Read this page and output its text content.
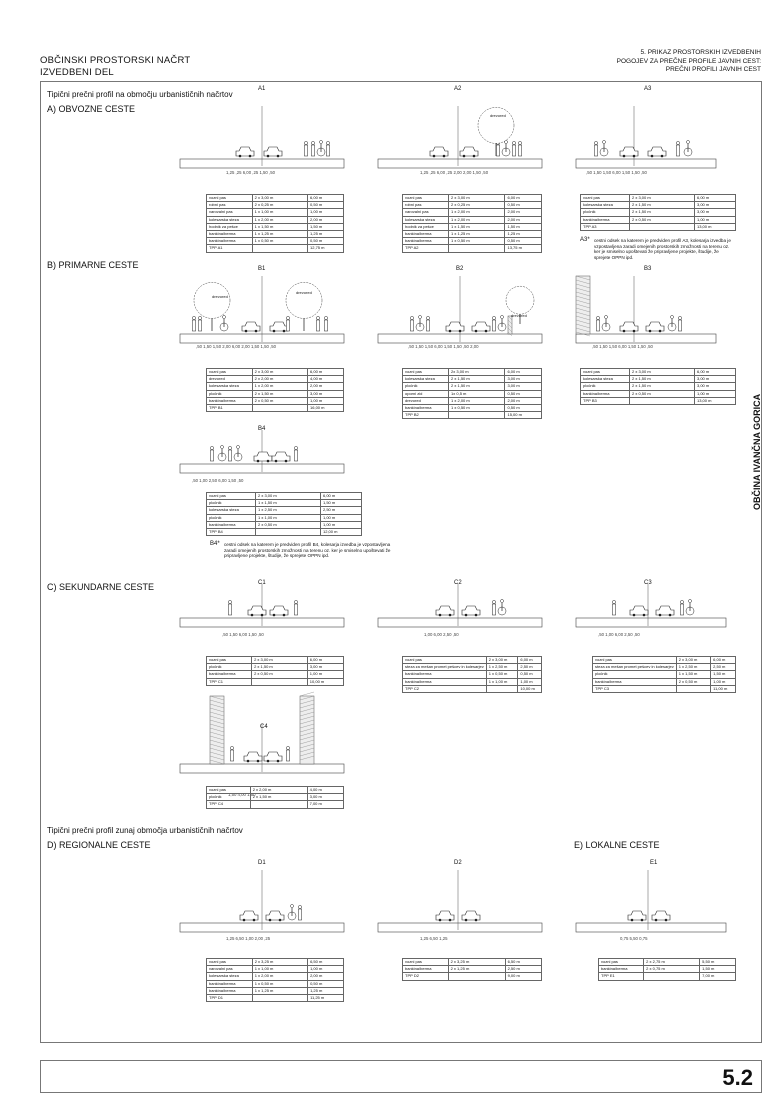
OBČINSKI PROSTORSKI NAČRT
IZVEDBENI DEL
5. PRIKAZ PROSTORSKIH IZVEDBENIH
POGOJEV ZA PREČNE PROFILE JAVNIH CEST:
PREČNI PROFILI JAVNIH CEST
OBČINA IVANČNA GORICA
Tipični prečni profil na območju urbanističnih načrtov
A) OBVOZNE CESTE
B) PRIMARNE CESTE
C) SEKUNDARNE CESTE
Tipični prečni profil zunaj območja urbanističnih načrtov
D) REGIONALNE CESTE	E) LOKALNE CESTE
A1
1,25 ,25 6,00 ,25 1,50 ,50
vozni pas	2 x 3,00 m	6,00 m
robni pas	2 x 0,25 m	0,50 m
varovalni pas	1 x 1,00 m	1,00 m
kolesarska steza	1 x 2,00 m	2,00 m
hodnik za pešce	1 x 1,50 m	1,50 m
bankina/berma	1 x 1,25 m	1,25 m
bankina/berma	1 x 0,50 m	0,50 m
TPP A1		12,75 m
A2
drevored
1,25 ,25 6,00 ,25 2,00 2,00 1,50 ,50
vozni pas	2 x 3,00 m	6,00 m
robni pas	2 x 0,25 m	0,50 m
varovalni pas	1 x 2,00 m	2,00 m
kolesarska steza	1 x 2,00 m	2,00 m
hodnik za pešce	1 x 1,50 m	1,50 m
bankina/berma	1 x 1,25 m	1,25 m
bankina/berma	1 x 0,50 m	0,50 m
TPP A2		13,75 m
A3
,50 1,50 1,50 6,00 1,50 1,50 ,50
vozni pas	2 x 3,00 m	6,00 m
kolesarska steza	2 x 1,50 m	3,00 m
pločnik	2 x 1,50 m	3,00 m
bankina/berma	2 x 0,50 m	1,00 m
TPP A3		13,00 m
A3* cestni odsek na katerem je predviden profil A3, kolesarja izvedba je vzpostavljena zaradi omejenih prostorskih zmožnosti na terenu oz. ker je smiselno upoštevati že pripravljene projekte, študije, že sprejete OPPN ipd.
B1
drevored
drevored
,50 1,50 1,50 2,00 6,00 2,00 1,50 1,50 ,50
vozni pas	2 x 3,00 m	6,00 m
drevored	2 x 2,00 m	4,00 m
kolesarska steza	1 x 2,00 m	2,00 m
pločnik	2 x 1,50 m	3,00 m
bankina/berma	2 x 0,50 m	1,00 m
TPP B1		16,00 m
B2
drevored
,50 1,50 1,50 6,00 1,50 1,50 ,50 2,00
vozni pas	2x 3,00 m	6,00 m
kolesarska steza	2 x 1,50 m	3,00 m
pločnik	2 x 1,50 m	3,00 m
oporni zid	1x 0,5 m	0,50 m
drevored	1 x 2,00 m	2,00 m
bankina/berma	1 x 0,50 m	0,50 m
TPP B2		15,00 m
B3
,50 1,50 1,50 6,00 1,50 1,50 ,50
vozni pas	2 x 3,00 m	6,00 m
kolesarska steza	2 x 1,50 m	3,00 m
pločnik	2 x 1,50 m	3,00 m
bankina/berma	2 x 0,50 m	1,00 m
TPP B3		13,00 m
B4
,50 1,00 2,50 6,00 1,50 ,50
vozni pas	2 x 3,00 m	6,00 m
pločnik	1 x 1,50 m	1,50 m
kolesarska steza	1 x 2,50 m	2,50 m
pločnik	1 x 1,00 m	1,00 m
bankina/berma	2 x 0,50 m	1,00 m
TPP B4		12,00 m
B4* cestni odsek na katerem je predviden profil B4, kolesarja izvedba je vzpostavljena zaradi omejenih prostorskih zmožnosti na terenu oz. ker je smiselno upoštevati že pripravljene projekte, študije, že sprejete OPPN ipd.
C1
,50 1,50 6,00 1,50 ,50
vozni pas	2 x 3,00 m	6,00 m
pločnik	2 x 1,50 m	3,00 m
bankina/berma	2 x 0,50 m	1,00 m
TPP C1		10,00 m
C2
1,00 6,00 2,50 ,50
vozni pas	2 x 3,00 m	6,00 m
steza za mešan promet pešcev in kolesarjev	1 x 2,50 m	2,50 m
bankina/berma	1 x 0,50 m	0,50 m
bankina/berma	1 x 1,00 m	1,00 m
TPP C2		10,00 m
C3
,50 1,00 6,00 2,50 ,50
vozni pas	2 x 3,00 m	6,00 m
steza za mešan promet pešcev in kolesarjev	1 x 2,50 m	2,50 m
pločnik	1 x 1,50 m	1,50 m
bankina/berma	2 x 0,50 m	1,00 m
TPP C3		11,00 m
C4
1,50 4,00 1,50
vozni pas	2 x 2,00 m	4,00 m
pločnik	2 x 1,50 m	3,00 m
TPP C4		7,00 m
D1
1,25 6,50 1,00 2,00 ,25
vozni pas	2 x 3,25 m	6,50 m
varovalni pas	1 x 1,00 m	1,00 m
kolesarska steza	1 x 2,00 m	2,00 m
bankina/berma	1 x 0,50 m	0,50 m
bankina/berma	1 x 1,25 m	1,25 m
TPP D1		11,25 m
D2
1,25 6,50 1,25
vozni pas	2 x 3,25 m	6,50 m
bankina/berma	2 x 1,25 m	2,50 m
TPP D2		9,00 m
E1
0,75 5,50 0,75
vozni pas	2 x 2,75 m	5,50 m
bankina/berma	2 x 0,75 m	1,50 m
TPP E1		7,00 m
5.2
